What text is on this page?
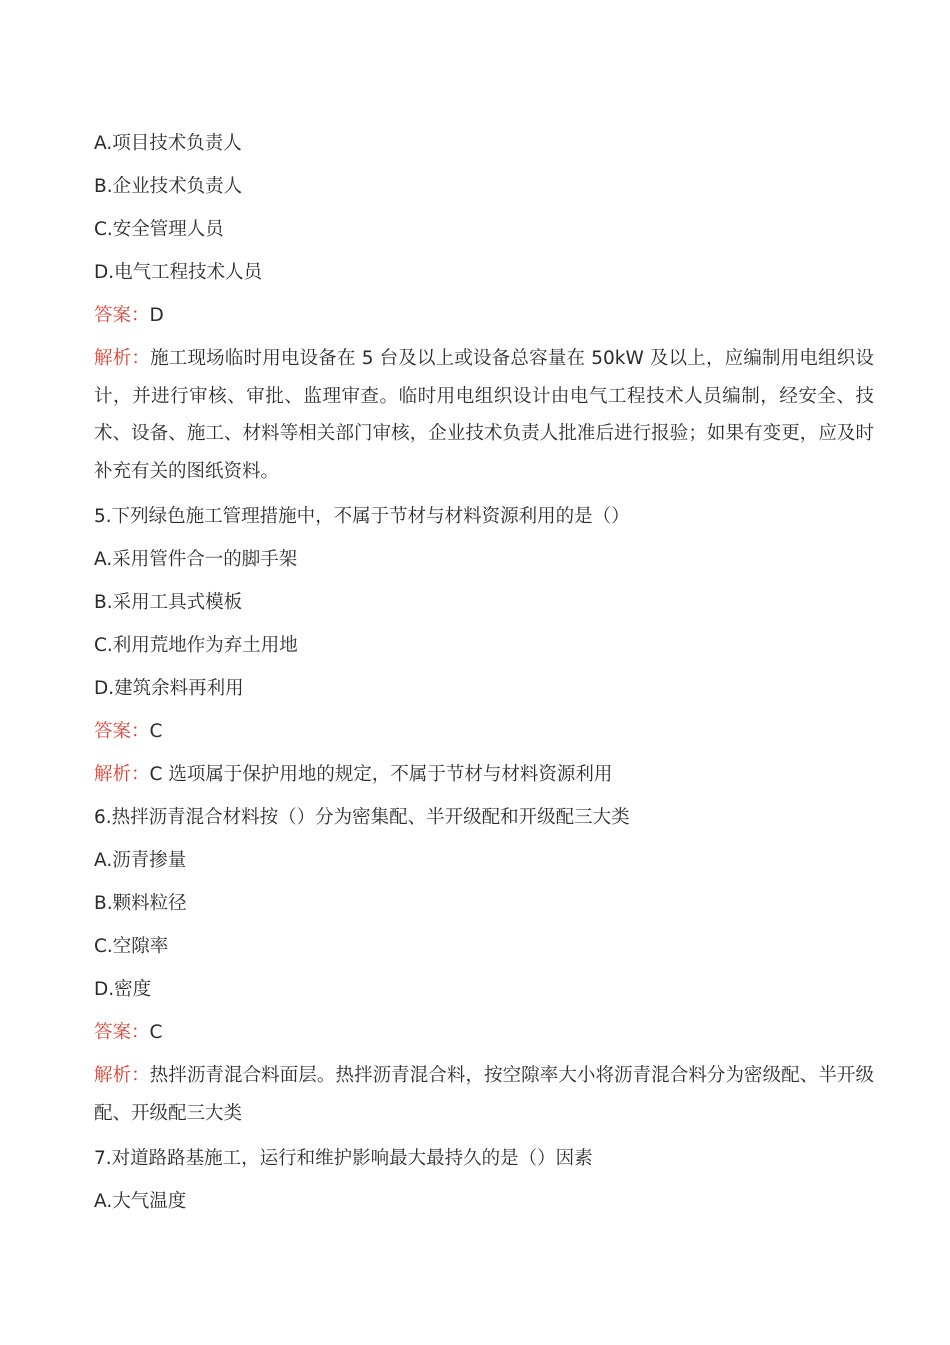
A.项目技术负责人
B.企业技术负责人
C.安全管理人员
D.电气工程技术人员
答案：D
解析：施工现场临时用电设备在 5 台及以上或设备总容量在 50kW 及以上，应编制用电组织设计，并进行审核、审批、监理审查。临时用电组织设计由电气工程技术人员编制，经安全、技术、设备、施工、材料等相关部门审核，企业技术负责人批准后进行报验；如果有变更，应及时补充有关的图纸资料。
5.下列绿色施工管理措施中，不属于节材与材料资源利用的是（）
A.采用管件合一的脚手架
B.采用工具式模板
C.利用荒地作为弃土用地
D.建筑余料再利用
答案：C
解析：C 选项属于保护用地的规定，不属于节材与材料资源利用
6.热拌沥青混合材料按（）分为密集配、半开级配和开级配三大类
A.沥青掺量
B.颗料粒径
C.空隙率
D.密度
答案：C
解析：热拌沥青混合料面层。热拌沥青混合料，按空隙率大小将沥青混合料分为密级配、半开级配、开级配三大类
7.对道路路基施工，运行和维护影响最大最持久的是（）因素
A.大气温度
